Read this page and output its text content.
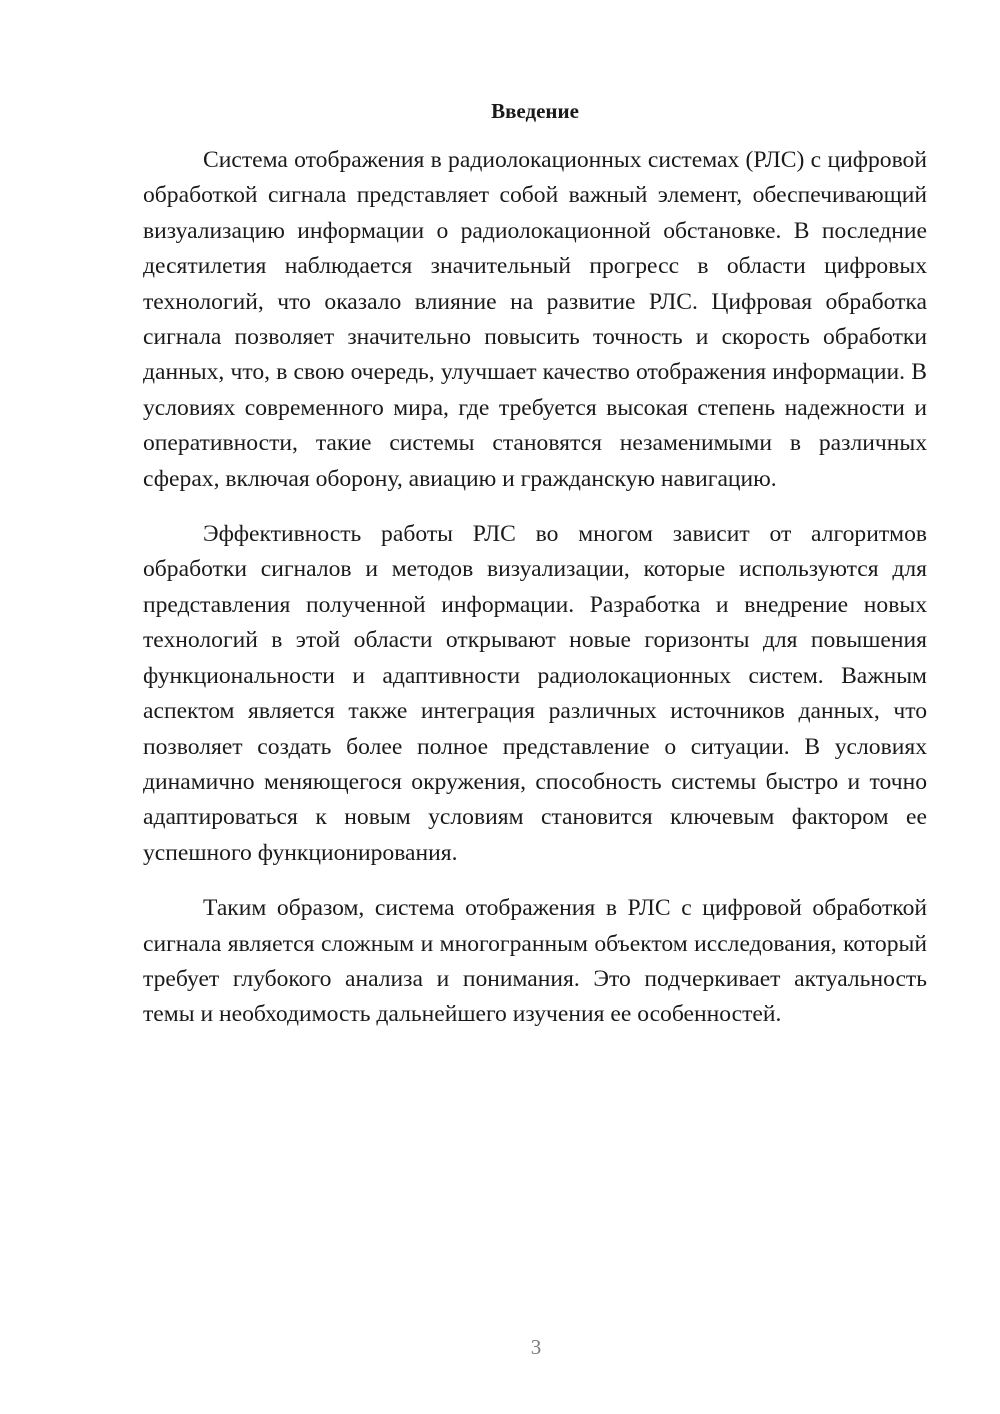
Введение

Система отображения в радиолокационных системах (РЛС) с цифровой обработкой сигнала представляет собой важный элемент, обеспечивающий визуализацию информации о радиолокационной обстановке. В последние десятилетия наблюдается значительный прогресс в области цифровых технологий, что оказало влияние на развитие РЛС. Цифровая обработка сигнала позволяет значительно повысить точность и скорость обработки данных, что, в свою очередь, улучшает качество отображения информации. В условиях современного мира, где требуется высокая степень надежности и оперативности, такие системы становятся незаменимыми в различных сферах, включая оборону, авиацию и гражданскую навигацию.

Эффективность работы РЛС во многом зависит от алгоритмов обработки сигналов и методов визуализации, которые используются для представления полученной информации. Разработка и внедрение новых технологий в этой области открывают новые горизонты для повышения функциональности и адаптивности радиолокационных систем. Важным аспектом является также интеграция различных источников данных, что позволяет создать более полное представление о ситуации. В условиях динамично меняющегося окружения, способность системы быстро и точно адаптироваться к новым условиям становится ключевым фактором ее успешного функционирования.

Таким образом, система отображения в РЛС с цифровой обработкой сигнала является сложным и многогранным объектом исследования, который требует глубокого анализа и понимания. Это подчеркивает актуальность темы и необходимость дальнейшего изучения ее особенностей.

3
